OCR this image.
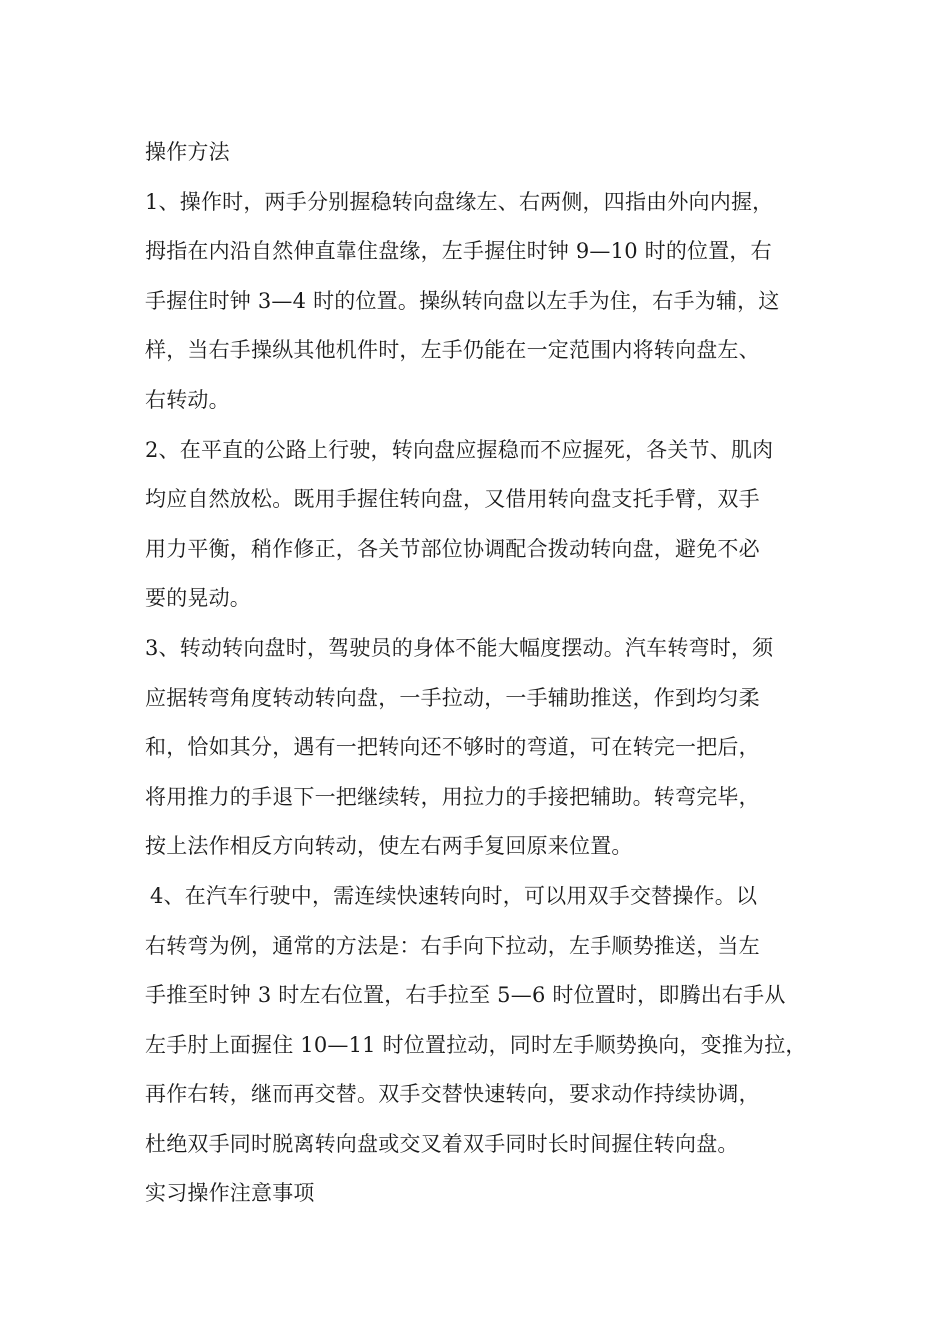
操作方法
1、操作时，两手分别握稳转向盘缘左、右两侧，四指由外向内握，
拇指在内沿自然伸直靠住盘缘，左手握住时钟 9—10 时的位置，右
手握住时钟 3—4 时的位置。操纵转向盘以左手为住，右手为辅，这
样，当右手操纵其他机件时，左手仍能在一定范围内将转向盘左、
右转动。
2、在平直的公路上行驶，转向盘应握稳而不应握死，各关节、肌肉
均应自然放松。既用手握住转向盘，又借用转向盘支托手臂，双手
用力平衡，稍作修正，各关节部位协调配合拨动转向盘，避免不必
要的晃动。
3、转动转向盘时，驾驶员的身体不能大幅度摆动。汽车转弯时，须
应据转弯角度转动转向盘，一手拉动，一手辅助推送，作到均匀柔
和，恰如其分，遇有一把转向还不够时的弯道，可在转完一把后，
将用推力的手退下一把继续转，用拉力的手接把辅助。转弯完毕，
按上法作相反方向转动，使左右两手复回原来位置。
4、在汽车行驶中，需连续快速转向时，可以用双手交替操作。以
右转弯为例，通常的方法是：右手向下拉动，左手顺势推送，当左
手推至时钟 3 时左右位置，右手拉至 5—6 时位置时，即腾出右手从
左手肘上面握住 10—11 时位置拉动，同时左手顺势换向，变推为拉，
再作右转，继而再交替。双手交替快速转向，要求动作持续协调，
杜绝双手同时脱离转向盘或交叉着双手同时长时间握住转向盘。
实习操作注意事项
